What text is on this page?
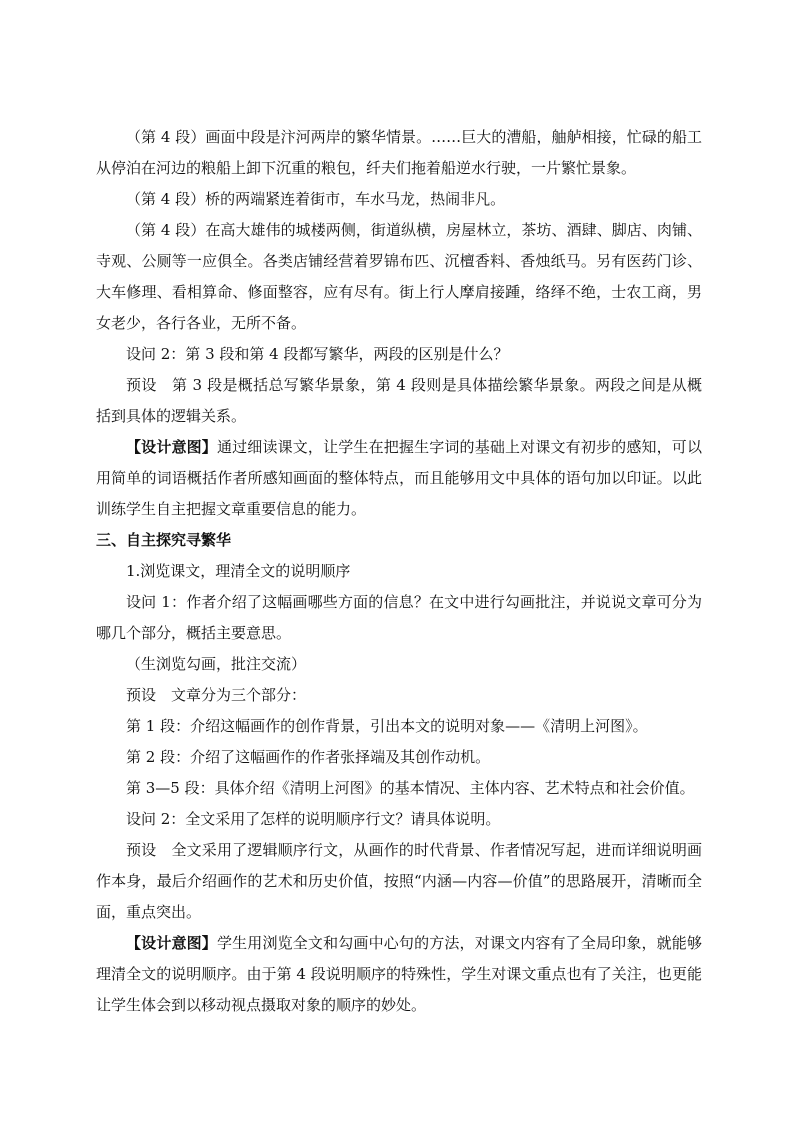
（第 4 段）画面中段是汴河两岸的繁华情景。……巨大的漕船，舳舻相接，忙碌的船工从停泊在河边的粮船上卸下沉重的粮包，纤夫们拖着船逆水行驶，一片繁忙景象。

（第 4 段）桥的两端紧连着街市，车水马龙，热闹非凡。

（第 4 段）在高大雄伟的城楼两侧，街道纵横，房屋林立，茶坊、酒肆、脚店、肉铺、寺观、公厕等一应俱全。各类店铺经营着罗锦布匹、沉檀香料、香烛纸马。另有医药门诊、大车修理、看相算命、修面整容，应有尽有。街上行人摩肩接踵，络绎不绝，士农工商，男女老少，各行各业，无所不备。

设问 2：第 3 段和第 4 段都写繁华，两段的区别是什么？

预设　第 3 段是概括总写繁华景象，第 4 段则是具体描绘繁华景象。两段之间是从概括到具体的逻辑关系。

【设计意图】通过细读课文，让学生在把握生字词的基础上对课文有初步的感知，可以用简单的词语概括作者所感知画面的整体特点，而且能够用文中具体的语句加以印证。以此训练学生自主把握文章重要信息的能力。

三、自主探究寻繁华

1.浏览课文，理清全文的说明顺序

设问 1：作者介绍了这幅画哪些方面的信息？在文中进行勾画批注，并说说文章可分为哪几个部分，概括主要意思。

（生浏览勾画，批注交流）

预设　文章分为三个部分：

第 1 段：介绍这幅画作的创作背景，引出本文的说明对象——《清明上河图》。

第 2 段：介绍了这幅画作的作者张择端及其创作动机。

第 3—5 段：具体介绍《清明上河图》的基本情况、主体内容、艺术特点和社会价值。

设问 2：全文采用了怎样的说明顺序行文？请具体说明。

预设　全文采用了逻辑顺序行文，从画作的时代背景、作者情况写起，进而详细说明画作本身，最后介绍画作的艺术和历史价值，按照“内涵—内容—价值”的思路展开，清晰而全面，重点突出。

【设计意图】学生用浏览全文和勾画中心句的方法，对课文内容有了全局印象，就能够理清全文的说明顺序。由于第 4 段说明顺序的特殊性，学生对课文重点也有了关注，也更能让学生体会到以移动视点摄取对象的顺序的妙处。
